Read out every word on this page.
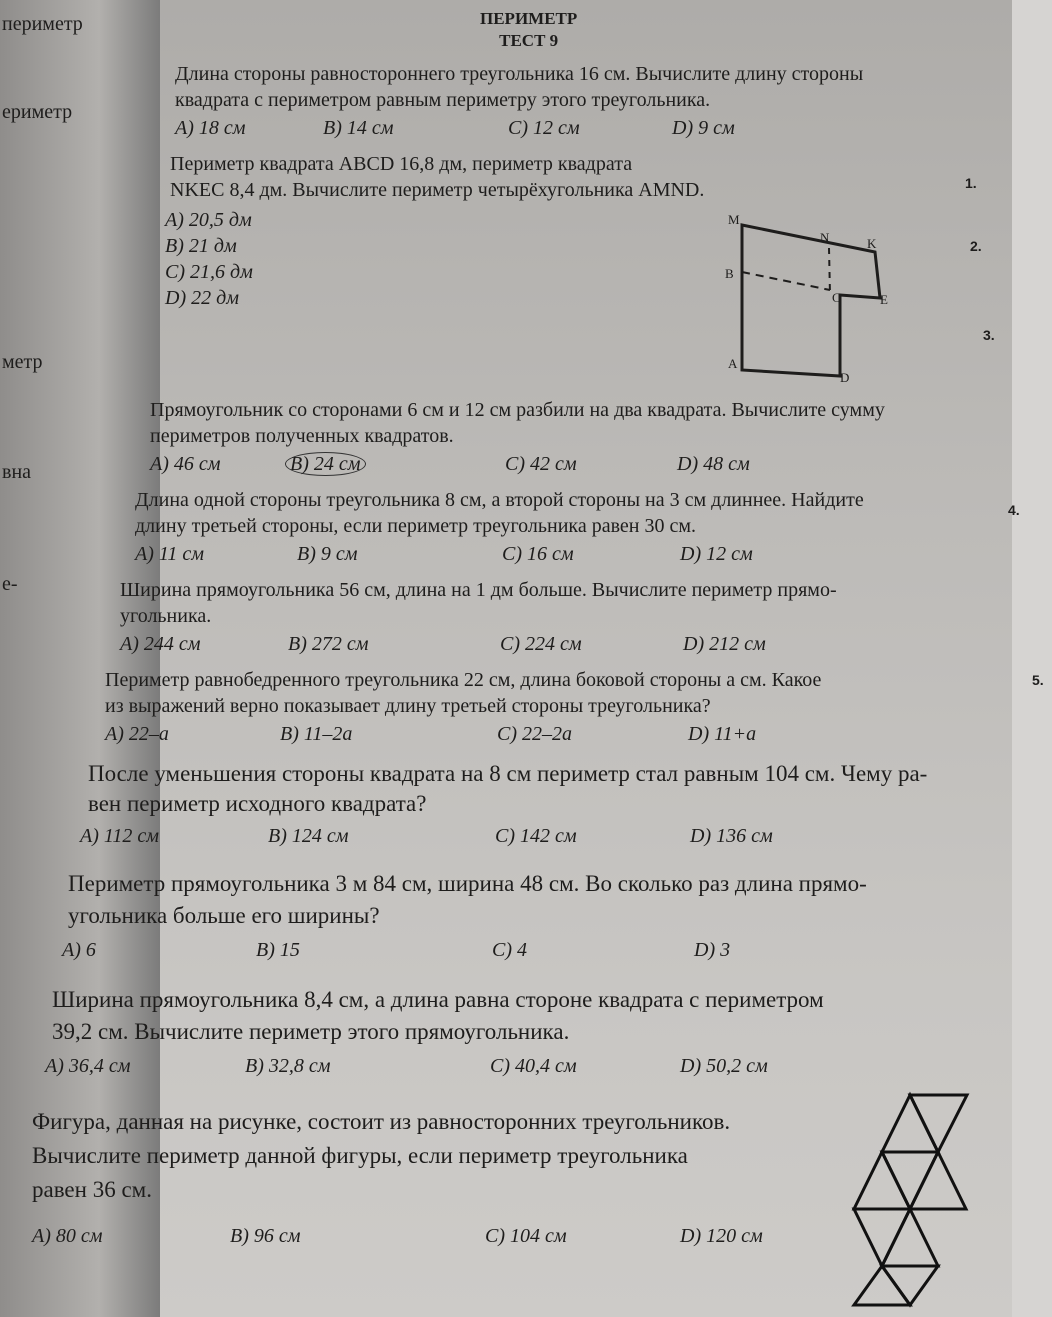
периметр
ериметр
метр
вна
е-
1.
2.
3.
4.
5.
ПЕРИМЕТР
ТЕСТ 9
Длина стороны равностороннего треугольника 16 см. Вычислите длину стороны
квадрата с периметром равным периметру этого треугольника.
A) 18 см	B) 14 см	C) 12 см	D) 9 см
Периметр квадрата ABCD 16,8 дм, периметр квадрата
NKEC 8,4 дм. Вычислите периметр четырёхугольника AMND.
A) 20,5 дм
B) 21 дм
C) 21,6 дм
D) 22 дм
M
N	K
B
C	E
A
D
Прямоугольник со сторонами 6 см и 12 см разбили на два квадрата. Вычислите сумму
периметров полученных квадратов.
A) 46 см	B) 24 см	C) 42 см	D) 48 см
Длина одной стороны треугольника 8 см, а второй стороны на 3 см длиннее. Найдите
длину третьей стороны, если периметр треугольника равен 30 см.
A) 11 см	B) 9 см	C) 16 см	D) 12 см
Ширина прямоугольника 56 см, длина на 1 дм больше. Вычислите периметр прямо-
угольника.
A) 244 см	B) 272 см	C) 224 см	D) 212 см
Периметр равнобедренного треугольника 22 см, длина боковой стороны a см. Какое
из выражений верно показывает длину третьей стороны треугольника?
A) 22–a	B) 11–2a	C) 22–2a	D) 11+a
После уменьшения стороны квадрата на 8 см периметр стал равным 104 см. Чему ра-
вен периметр исходного квадрата?
A) 112 см	B) 124 см	C) 142 см	D) 136 см
Периметр прямоугольника 3 м 84 см, ширина 48 см. Во сколько раз длина прямо-
угольника больше его ширины?
A) 6	B) 15	C) 4	D) 3
Ширина прямоугольника 8,4 см, а длина равна стороне квадрата с периметром
39,2 см. Вычислите периметр этого прямоугольника.
A) 36,4 см	B) 32,8 см	C) 40,4 см	D) 50,2 см
Фигура, данная на рисунке, состоит из равносторонних треугольников.
Вычислите периметр данной фигуры, если периметр треугольника
равен 36 см.
A) 80 см	B) 96 см	C) 104 см	D) 120 см
